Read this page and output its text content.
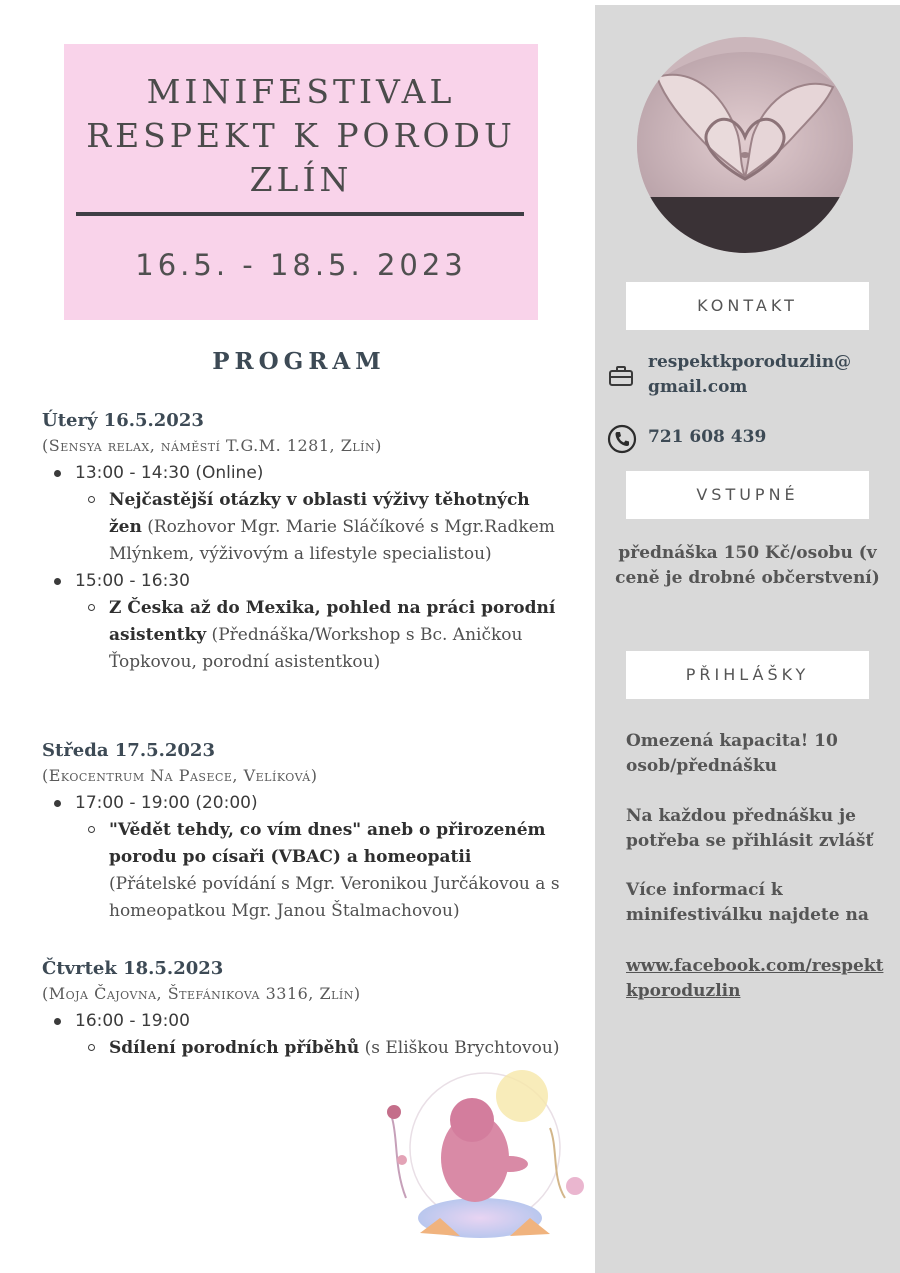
MINIFESTIVAL
RESPEKT K PORODU
ZLÍN
16.5. - 18.5. 2023
PROGRAM
Úterý 16.5.2023
(Sensya relax, náměstí T.G.M. 1281, Zlín)
13:00 - 14:30 (Online)
Nejčastější otázky v oblasti výživy těhotných žen (Rozhovor Mgr. Marie Sláčíkové s Mgr.Radkem Mlýnkem, výživovým a lifestyle specialistou)
15:00 - 16:30
Z Česka až do Mexika, pohled na práci porodní asistentky (Přednáška/Workshop s Bc. Aničkou Ťopkovou, porodní asistentkou)
Středa 17.5.2023
(Ekocentrum Na Pasece, Velíková)
17:00 - 19:00 (20:00)
"Vědět tehdy, co vím dnes" aneb o přirozeném porodu po císaři (VBAC) a homeopatii (Přátelské povídání s Mgr. Veronikou Jurčákovou a s homeopatkou Mgr. Janou Štalmachovou)
Čtvrtek 18.5.2023
(Moja Čajovna, Štefánikova 3316, Zlín)
16:00 - 19:00
Sdílení porodních příběhů (s Eliškou Brychtovou)
KONTAKT
respektkporoduzlin@ gmail.com
721 608 439
VSTUPNÉ
přednáška 150 Kč/osobu (v ceně je drobné občerstvení)
PŘIHLÁŠKY
Omezená kapacita! 10 osob/přednášku
Na každou přednášku je potřeba se přihlásit zvlášť
Více informací k minifestiválku najdete na
www.facebook.com/respektkporoduzlin
